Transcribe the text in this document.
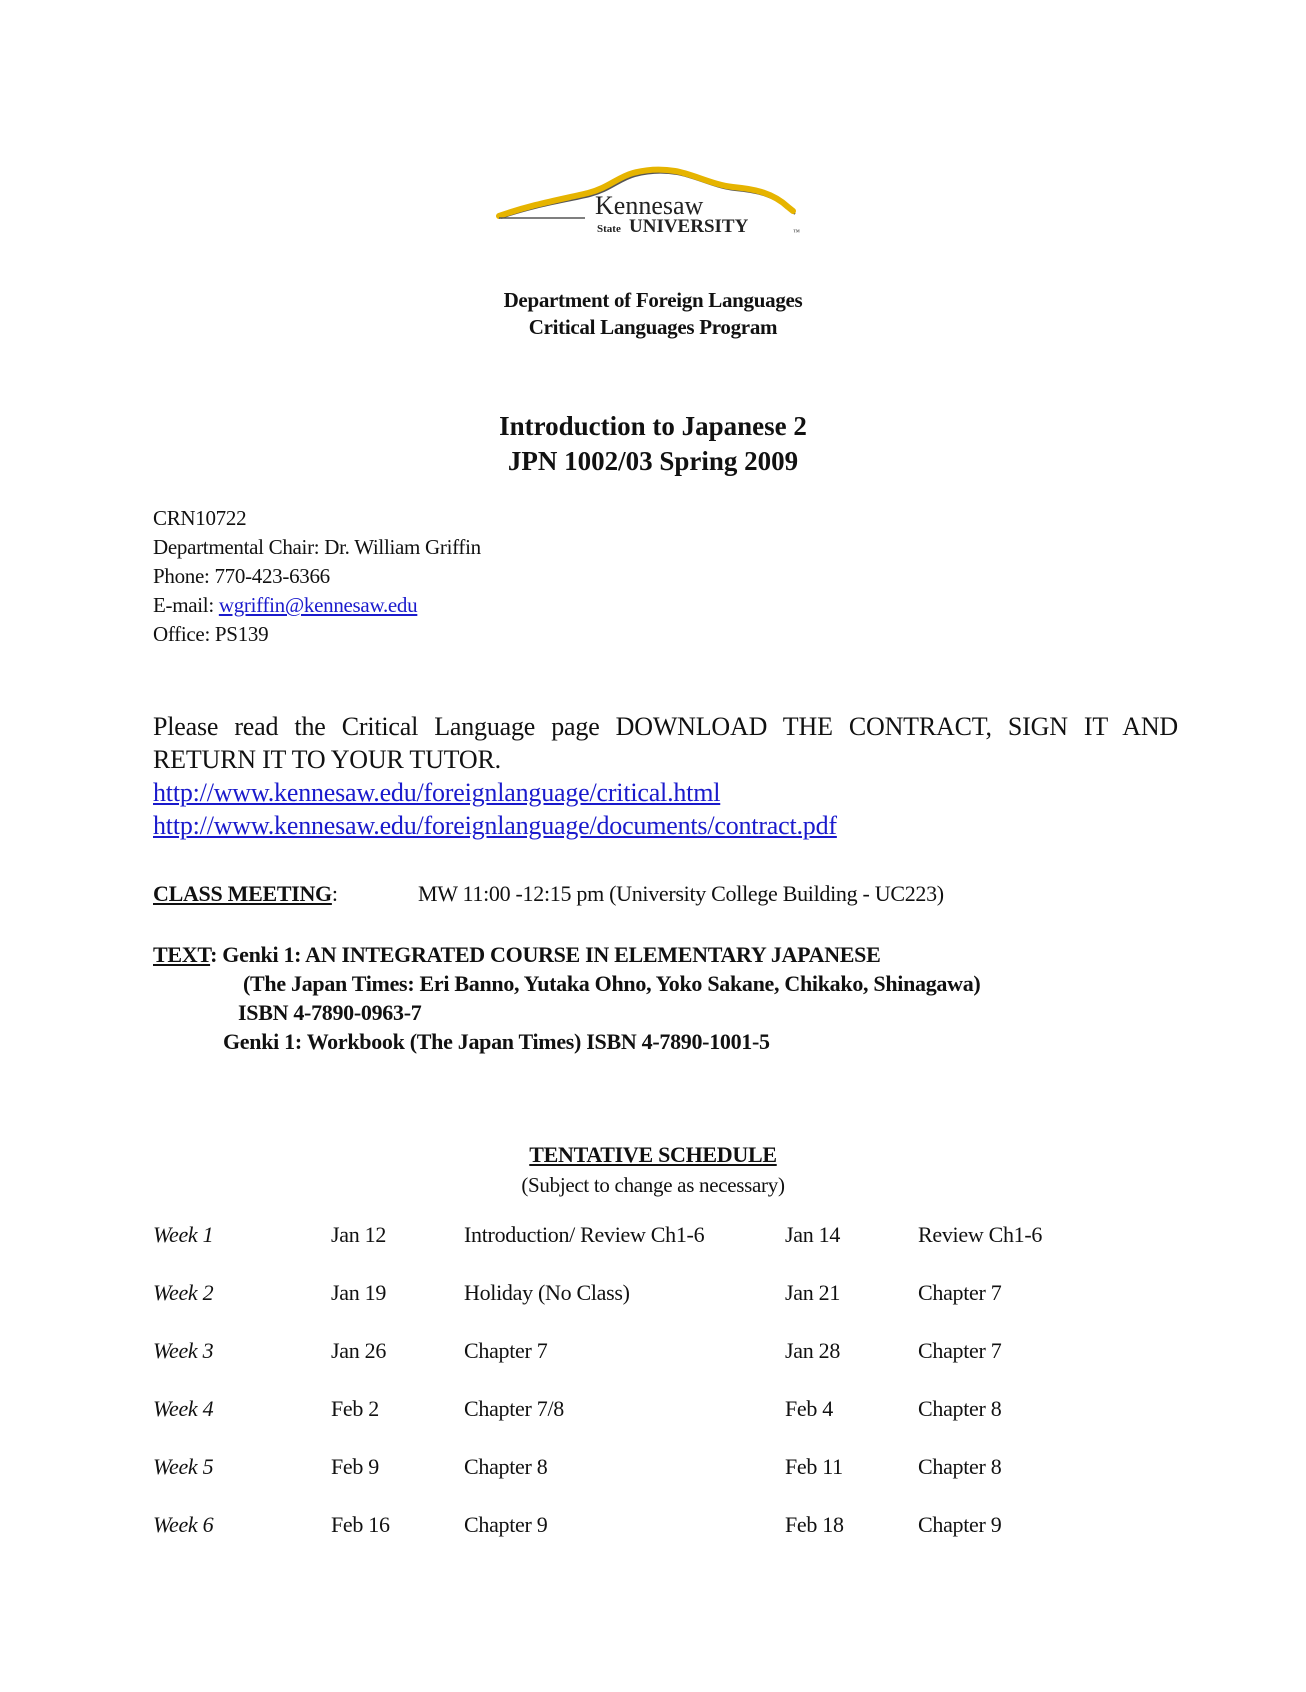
Kennesaw
State UNIVERSITY	™
Department of Foreign Languages
Critical Languages Program
Introduction to Japanese 2
JPN 1002/03 Spring 2009
CRN10722
Departmental Chair: Dr. William Griffin
Phone: 770-423-6366
E-mail: wgriffin@kennesaw.edu
Office: PS139
Please read the Critical Language page DOWNLOAD THE CONTRACT, SIGN IT AND RETURN IT TO YOUR TUTOR.
http://www.kennesaw.edu/foreignlanguage/critical.html
http://www.kennesaw.edu/foreignlanguage/documents/contract.pdf
CLASS MEETING:	MW 11:00 -12:15 pm (University College Building - UC223)
TEXT: Genki 1: AN INTEGRATED COURSE IN ELEMENTARY JAPANESE
(The Japan Times: Eri Banno, Yutaka Ohno, Yoko Sakane, Chikako, Shinagawa)
ISBN 4-7890-0963-7
Genki 1: Workbook (The Japan Times) ISBN 4-7890-1001-5
TENTATIVE SCHEDULE
(Subject to change as necessary)
Week 1	Jan 12	Introduction/ Review Ch1-6	Jan 14	Review Ch1-6
Week 2	Jan 19	Holiday (No Class)	Jan 21	Chapter 7
Week 3	Jan 26	Chapter 7	Jan 28	Chapter 7
Week 4	Feb 2	Chapter 7/8	Feb 4	Chapter 8
Week 5	Feb 9	Chapter 8	Feb 11	Chapter 8
Week 6	Feb 16	Chapter 9	Feb 18	Chapter 9
